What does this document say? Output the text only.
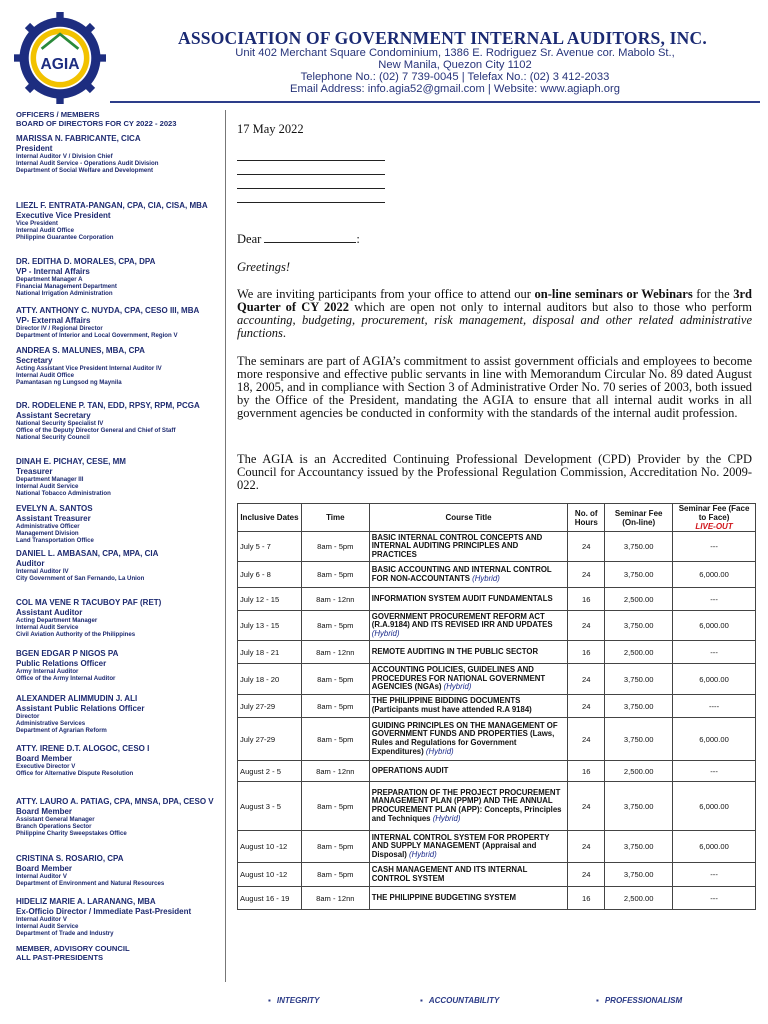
AGIA
ASSOCIATION OF GOVERNMENT INTERNAL AUDITORS, INC.
Unit 402 Merchant Square Condominium, 1386 E. Rodriguez Sr. Avenue cor. Mabolo St.,
New Manila, Quezon City 1102
Telephone No.: (02) 7 739-0045 | Telefax No.: (02) 3 412-2033
Email Address: info.agia52@gmail.com | Website: www.agiaph.org
OFFICERS / MEMBERS
BOARD OF DIRECTORS FOR CY 2022 - 2023
MARISSA N. FABRICANTE, CICA
President
Internal Auditor V / Division Chief
Internal Audit Service - Operations Audit Division
Department of Social Welfare and Development
LIEZL F. ENTRATA-PANGAN, CPA, CIA, CISA, MBA
Executive Vice President
Vice President
Internal Audit Office
Philippine Guarantee Corporation
DR. EDITHA D. MORALES, CPA, DPA
VP - Internal Affairs
Department Manager A
Financial Management Department
National Irrigation Administration
ATTY. ANTHONY C. NUYDA, CPA, CESO III, MBA
VP- External Affairs
Director IV / Regional Director
Department of Interior and Local Government, Region V
ANDREA S. MALUNES, MBA, CPA
Secretary
Acting Assistant Vice President Internal Auditor IV
Internal Audit Office
Pamantasan ng Lungsod ng Maynila
DR. RODELENE P. TAN, EDD, RPSY, RPM, PCGA
Assistant Secretary
National Security Specialist IV
Office of the Deputy Director General and Chief of Staff
National Security Council
DINAH E. PICHAY, CESE, MM
Treasurer
Department Manager III
Internal Audit Service
National Tobacco Administration
EVELYN A. SANTOS
Assistant Treasurer
Administrative Officer
Management Division
Land Transportation Office
DANIEL L. AMBASAN, CPA, MPA, CIA
Auditor
Internal Auditor IV
City Government of San Fernando, La Union
COL MA VENE R TACUBOY PAF (RET)
Assistant Auditor
Acting Department Manager
Internal Audit Service
Civil Aviation Authority of the Philippines
BGEN EDGAR P NIGOS PA
Public Relations Officer
Army Internal Auditor
Office of the Army Internal Auditor
ALEXANDER ALIMMUDIN J. ALI
Assistant Public Relations Officer
Director
Administrative Services
Department of Agrarian Reform
ATTY. IRENE D.T. ALOGOC, CESO I
Board Member
Executive Director V
Office for Alternative Dispute Resolution
ATTY. LAURO A. PATIAG, CPA, MNSA, DPA, CESO V
Board Member
Assistant General Manager
Branch Operations Sector
Philippine Charity Sweepstakes Office
CRISTINA S. ROSARIO, CPA
Board Member
Internal Auditor V
Department of Environment and Natural Resources
HIDELIZ MARIE A. LARANANG, MBA
Ex-Officio Director / Immediate Past-President
Internal Auditor V
Internal Audit Service
Department of Trade and Industry
MEMBER, ADVISORY COUNCIL
ALL PAST-PRESIDENTS
17 May 2022
Dear	:
Greetings!
We are inviting participants from your office to attend our on-line seminars or Webinars for the 3rd Quarter of CY 2022 which are open not only to internal auditors but also to those who perform accounting, budgeting, procurement, risk management, disposal and other related administrative functions.
The seminars are part of AGIA’s commitment to assist government officials and employees to become more responsive and effective public servants in line with Memorandum Circular No. 89 dated August 18, 2005, and in compliance with Section 3 of Administrative Order No. 70 series of 2003, both issued by the Office of the President, mandating the AGIA to ensure that all internal audit works in all government agencies be conducted in conformity with the standards of the internal audit profession.
The AGIA is an Accredited Continuing Professional Development (CPD) Provider by the CPD Council for Accountancy issued by the Professional Regulation Commission, Accreditation No. 2009-022.
Inclusive Dates	Time	Course Title	No. of Hours	Seminar Fee (On-line)	Seminar Fee (Face to Face)
LIVE-OUT
July 5 - 7	8am - 5pm	BASIC INTERNAL CONTROL CONCEPTS AND INTERNAL AUDITING PRINCIPLES AND PRACTICES	24	3,750.00	---
July 6 - 8	8am - 5pm	BASIC ACCOUNTING AND INTERNAL CONTROL FOR NON-ACCOUNTANTS (Hybrid)	24	3,750.00	6,000.00
July 12 - 15	8am - 12nn	INFORMATION SYSTEM AUDIT FUNDAMENTALS	16	2,500.00	---
July 13 - 15	8am - 5pm	GOVERNMENT PROCUREMENT REFORM ACT (R.A.9184) AND ITS REVISED IRR AND UPDATES (Hybrid)	24	3,750.00	6,000.00
July 18 - 21	8am - 12nn	REMOTE AUDITING IN THE PUBLIC SECTOR	16	2,500.00	---
July 18 - 20	8am - 5pm	ACCOUNTING POLICIES, GUIDELINES AND PROCEDURES FOR NATIONAL GOVERNMENT AGENCIES (NGAs) (Hybrid)	24	3,750.00	6,000.00
July 27-29	8am - 5pm	THE PHILIPPINE BIDDING DOCUMENTS (Participants must have attended R.A 9184)	24	3,750.00	----
July 27-29	8am - 5pm	GUIDING PRINCIPLES ON THE MANAGEMENT OF GOVERNMENT FUNDS AND PROPERTIES (Laws, Rules and Regulations for Government Expenditures) (Hybrid)	24	3,750.00	6,000.00
August 2 - 5	8am - 12nn	OPERATIONS AUDIT	16	2,500.00	---
August 3 - 5	8am - 5pm	PREPARATION OF THE PROJECT PROCUREMENT MANAGEMENT PLAN (PPMP) AND THE ANNUAL PROCUREMENT PLAN (APP): Concepts, Principles and Techniques (Hybrid)	24	3,750.00	6,000.00
August 10 -12	8am - 5pm	INTERNAL CONTROL SYSTEM FOR PROPERTY AND SUPPLY MANAGEMENT (Appraisal and Disposal) (Hybrid)	24	3,750.00	6,000.00
August 10 -12	8am - 5pm	CASH MANAGEMENT AND ITS INTERNAL CONTROL SYSTEM	24	3,750.00	---
August 16 - 19	8am - 12nn	THE PHILIPPINE BUDGETING SYSTEM	16	2,500.00	---
▪ INTEGRITY	▪ ACCOUNTABILITY	▪ PROFESSIONALISM
